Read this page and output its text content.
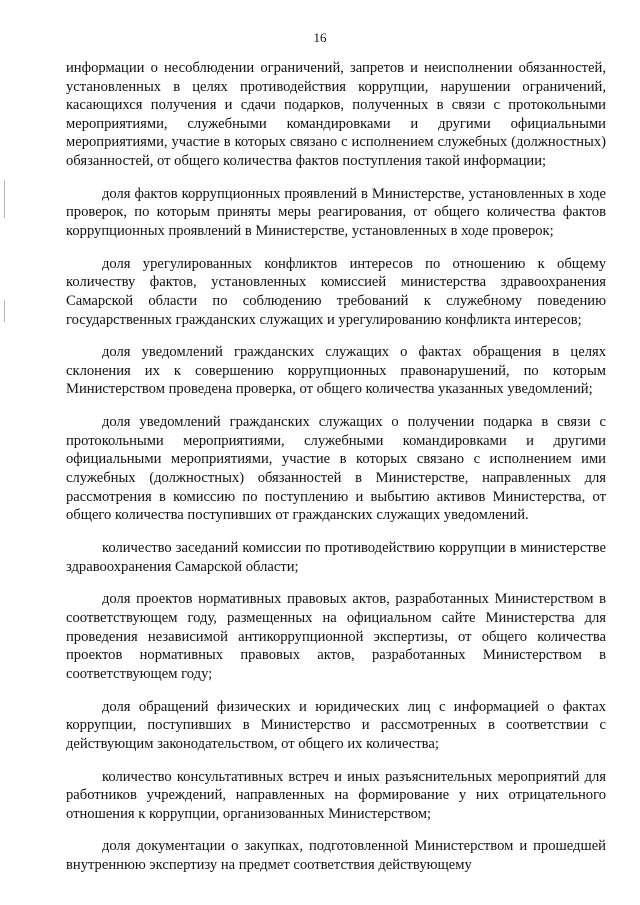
16

информации о несоблюдении ограничений, запретов и неисполнении обязанностей, установленных в целях противодействия коррупции, нарушении ограничений, касающихся получения и сдачи подарков, полученных в связи с протокольными мероприятиями, служебными командировками и другими официальными мероприятиями, участие в которых связано с исполнением служебных (должностных) обязанностей, от общего количества фактов поступления такой информации;

доля фактов коррупционных проявлений в Министерстве, установленных в ходе проверок, по которым приняты меры реагирования, от общего количества фактов коррупционных проявлений в Министерстве, установленных в ходе проверок;

доля урегулированных конфликтов интересов по отношению к общему количеству фактов, установленных комиссией министерства здравоохранения Самарской области по соблюдению требований к служебному поведению государственных гражданских служащих и урегулированию конфликта интересов;

доля уведомлений гражданских служащих о фактах обращения в целях склонения их к совершению коррупционных правонарушений, по которым Министерством проведена проверка, от общего количества указанных уведомлений;

доля уведомлений гражданских служащих о получении подарка в связи с протокольными мероприятиями, служебными командировками и другими официальными мероприятиями, участие в которых связано с исполнением ими служебных (должностных) обязанностей в Министерстве, направленных для рассмотрения в комиссию по поступлению и выбытию активов Министерства, от общего количества поступивших от гражданских служащих уведомлений.

количество заседаний комиссии по противодействию коррупции в министерстве здравоохранения Самарской области;

доля проектов нормативных правовых актов, разработанных Министерством в соответствующем году, размещенных на официальном сайте Министерства для проведения независимой антикоррупционной экспертизы, от общего количества проектов нормативных правовых актов, разработанных Министерством в соответствующем году;

доля обращений физических и юридических лиц с информацией о фактах коррупции, поступивших в Министерство и рассмотренных в соответствии с действующим законодательством, от общего их количества;

количество консультативных встреч и иных разъяснительных мероприятий для работников учреждений, направленных на формирование у них отрицательного отношения к коррупции, организованных Министерством;

доля документации о закупках, подготовленной Министерством и прошедшей внутреннюю экспертизу на предмет соответствия действующему
